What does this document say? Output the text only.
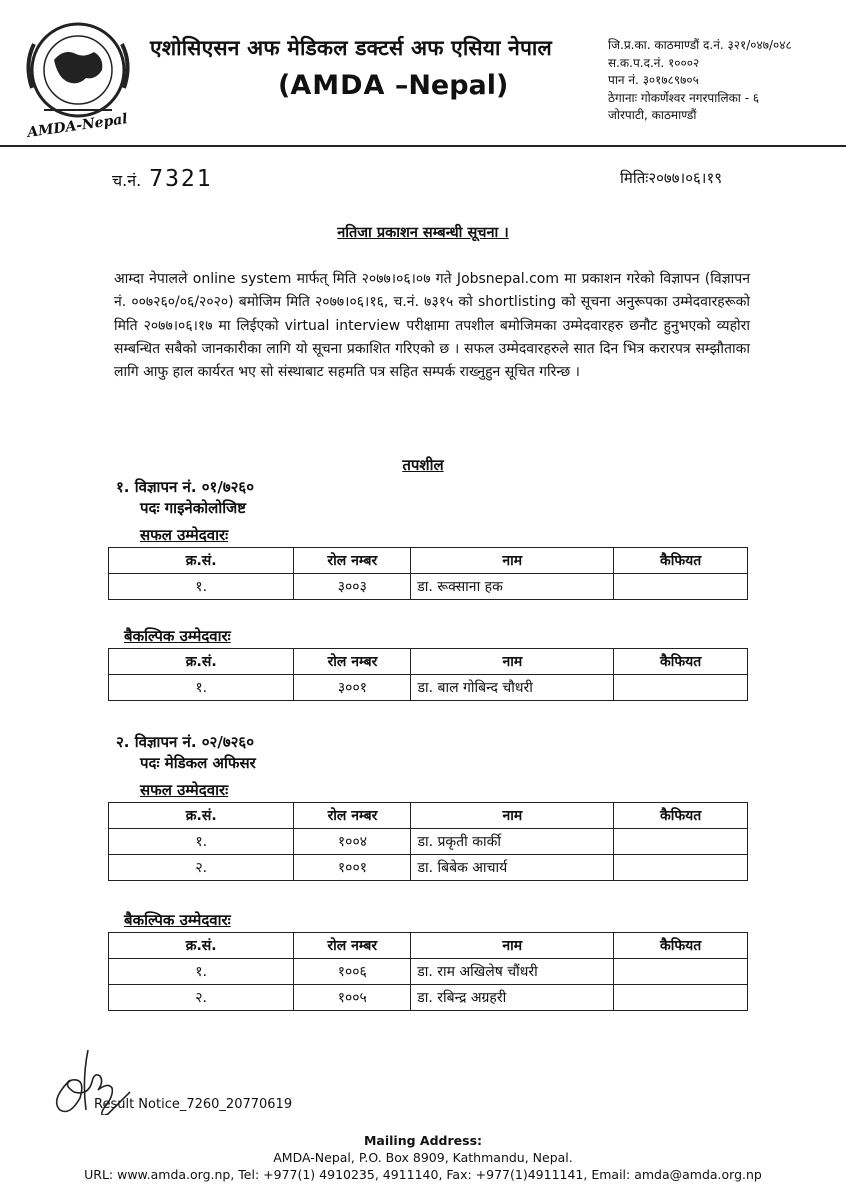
AMDA-Nepal
एशोसिएसन अफ मेडिकल डक्टर्स अफ एसिया नेपाल
(AMDA –Nepal)
जि.प्र.का. काठमाण्डौं द.नं. ३२१/०४७/०४८
स.क.प.द.नं. १०००२
पान नं. ३०१७८९७०५
ठेगानाः गोकर्णेश्वर नगरपालिका - ६
जोरपाटी, काठमाण्डौं
च.नं. 7321	मितिः२०७७।०६।१९
नतिजा प्रकाशन सम्बन्धी सूचना ।
आम्दा नेपालले online system मार्फत् मिति २०७७।०६।०७ गते Jobsnepal.com मा प्रकाशन गरेको विज्ञापन (विज्ञापन नं. ००७२६०/०६/२०२०) बमोजिम मिति २०७७।०६।१६, च.नं. ७३१५ को shortlisting को सूचना अनुरूपका उम्मेदवारहरूको मिति २०७७।०६।१७ मा लिईएको virtual interview परीक्षामा तपशील बमोजिमका उम्मेदवारहरु छनौट हुनुभएको व्यहोरा सम्बन्धित सबैको जानकारीका लागि यो सूचना प्रकाशित गरिएको छ । सफल उम्मेदवारहरुले सात दिन भित्र करारपत्र सम्झौताका लागि आफु हाल कार्यरत भए सो संस्थाबाट सहमति पत्र सहित सम्पर्क राख्नुहुन सूचित गरिन्छ ।
तपशील
१. विज्ञापन नं. ०१/७२६०
पदः गाइनेकोलोजिष्ट
सफल उम्मेदवारः
क्र.सं.	रोल नम्बर	नाम	कैफियत
१.	३००३	डा. रूक्साना हक	
बैकल्पिक उम्मेदवारः
क्र.सं.	रोल नम्बर	नाम	कैफियत
१.	३००१	डा. बाल गोबिन्द चौधरी	
२. विज्ञापन नं. ०२/७२६०
पदः मेडिकल अफिसर
सफल उम्मेदवारः
क्र.सं.	रोल नम्बर	नाम	कैफियत
१.	१००४	डा. प्रकृती कार्की	
२.	१००१	डा. बिबेक आचार्य	
बैकल्पिक उम्मेदवारः
क्र.सं.	रोल नम्बर	नाम	कैफियत
१.	१००६	डा. राम अखिलेष चौंधरी	
२.	१००५	डा. रबिन्द्र अग्रहरी	
Result Notice_7260_20770619
Mailing Address:
AMDA-Nepal, P.O. Box 8909, Kathmandu, Nepal.
URL: www.amda.org.np, Tel: +977(1) 4910235, 4911140, Fax: +977(1)4911141, Email: amda@amda.org.np
